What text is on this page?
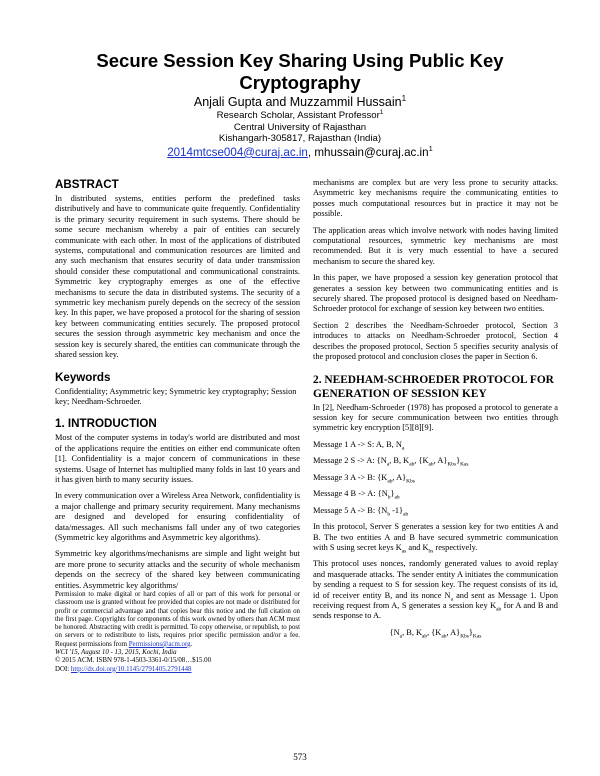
Secure Session Key Sharing Using Public Key Cryptography
Anjali Gupta and Muzzammil Hussain$^1$
Research Scholar, Assistant Professor$^1$
Central University of Rajasthan
Kishangarh-305817, Rajasthan (India)
2014mtcse004@curaj.ac.in, $mhussain@curaj.ac.in^1$
ABSTRACT

In distributed systems, entities perform the predefined tasks distributively and have to communicate quite frequently. Confidentiality is the primary security requirement in such systems. There should be some secure mechanism whereby a pair of entities can securely communicate with each other. In most of the applications of distributed systems, computational and communication resources are limited and any such mechanism that ensures security of data under transmission should consider these computational and communicational constraints. Symmetric key cryptography emerges as one of the effective mechanisms to secure the data in distributed systems. The security of a symmetric key mechanism purely depends on the secrecy of the session key. In this paper, we have proposed a protocol for the sharing of session key between communicating entities securely. The proposed protocol secures the session through asymmetric key mechanism and once the session key is securely shared, the entities can communicate through the shared session key.

Keywords

Confidentiality; Asymmetric key; Symmetric key cryptography; Session key; Needham-Schroeder.

1. INTRODUCTION

Most of the computer systems in today's world are distributed and most of the applications require the entities on either end communicate often [1]. Confidentiality is a major concern of communications in these systems. Usage of Internet has multiplied many folds in last 10 years and it has given birth to many security issues.

In every communication over a Wireless Area Network, confidentiality is a major challenge and primary security requirement. Many mechanisms are designed and developed for ensuring confidentiality of data/messages. All such mechanisms fall under any of two categories (Symmetric key algorithms and Asymmetric key algorithms).

Symmetric key algorithms/mechanisms are simple and light weight but are more prone to security attacks and the security of whole mechanism depends on the secrecy of the shared key between communicating entities. Asymmetric key algorithms/

Permission to make digital or hard copies of all or part of this work for personal or classroom use is granted without fee provided that copies are not made or distributed for profit or commercial advantage and that copies bear this notice and the full citation on the first page. Copyrights for components of this work owned by others than ACM must be honored. Abstracting with credit is permitted. To copy otherwise, or republish, to post on servers or to redistribute to lists, requires prior specific permission and/or a fee. Request permissions from Permissions@acm.org.
WCI '15, August 10 - 13, 2015, Kochi, India
© 2015 ACM. ISBN 978-1-4503-3361-0/15/08…$15.00
DOI: http://dx.doi.org/10.1145/2791405.2791448

mechanisms are complex but are very less prone to security attacks. Asymmetric key mechanisms require the communicating entities to posses much computational resources but in practice it may not be possible.

The application areas which involve network with nodes having limited computational resources, symmetric key mechanisms are most recommended. But it is very much essential to have a secured mechanism to secure the shared key.

In this paper, we have proposed a session key generation protocol that generates a session key between two communicating entities and is securely shared. The proposed protocol is designed based on Needham-Schroeder protocol for exchange of session key between two entities.

Section 2 describes the Needham-Schroeder protocol, Section 3 introduces to attacks on Needham-Schroeder protocol, Section 4 describes the proposed protocol, Section 5 specifies security analysis of the proposed protocol and conclusion closes the paper in Section 6.

2. NEEDHAM-SCHROEDER PROTOCOL FOR GENERATION OF SESSION KEY

In [2], Needham-Schroeder (1978) has proposed a protocol to generate a session key for secure communication between two entities through symmetric key encryption [5][8][9].

Message 1 A -> S: A, B, $N_a$
Message 2 S -> A: {$N_a$, B, $K_{ab}$, {$K_{ab}$, $A\}_{Kbs}\}_{Kas}$
Message 3 A -> B: {$K_{ab}$, $A\}_{Kbs}$
Message 4 B -> A: $\{N_b\}_{ab}$
Message 5 A -> B: {$N_b$ $-1\}_{ab}$

In this protocol, Server S generates a session key for two entities A and B. The two entities A and B have secured symmetric communication with S using secret keys $K_{as}$ and $K_{bs}$ respectively.

This protocol uses nonces, randomly generated values to avoid replay and masquerade attacks. The sender entity A initiates the communication by sending a request to S for session key. The request consists of its id, id of receiver entity B, and its nonce $N_a$ and sent as Message 1. Upon receiving request from A, S generates a session key $K_{ab}$ for A and B and sends response to A.

{$N_a$, B, $K_{ab}$, {$K_{ab}$, $A\}_{Kbs}\}_{Kas}$
573
